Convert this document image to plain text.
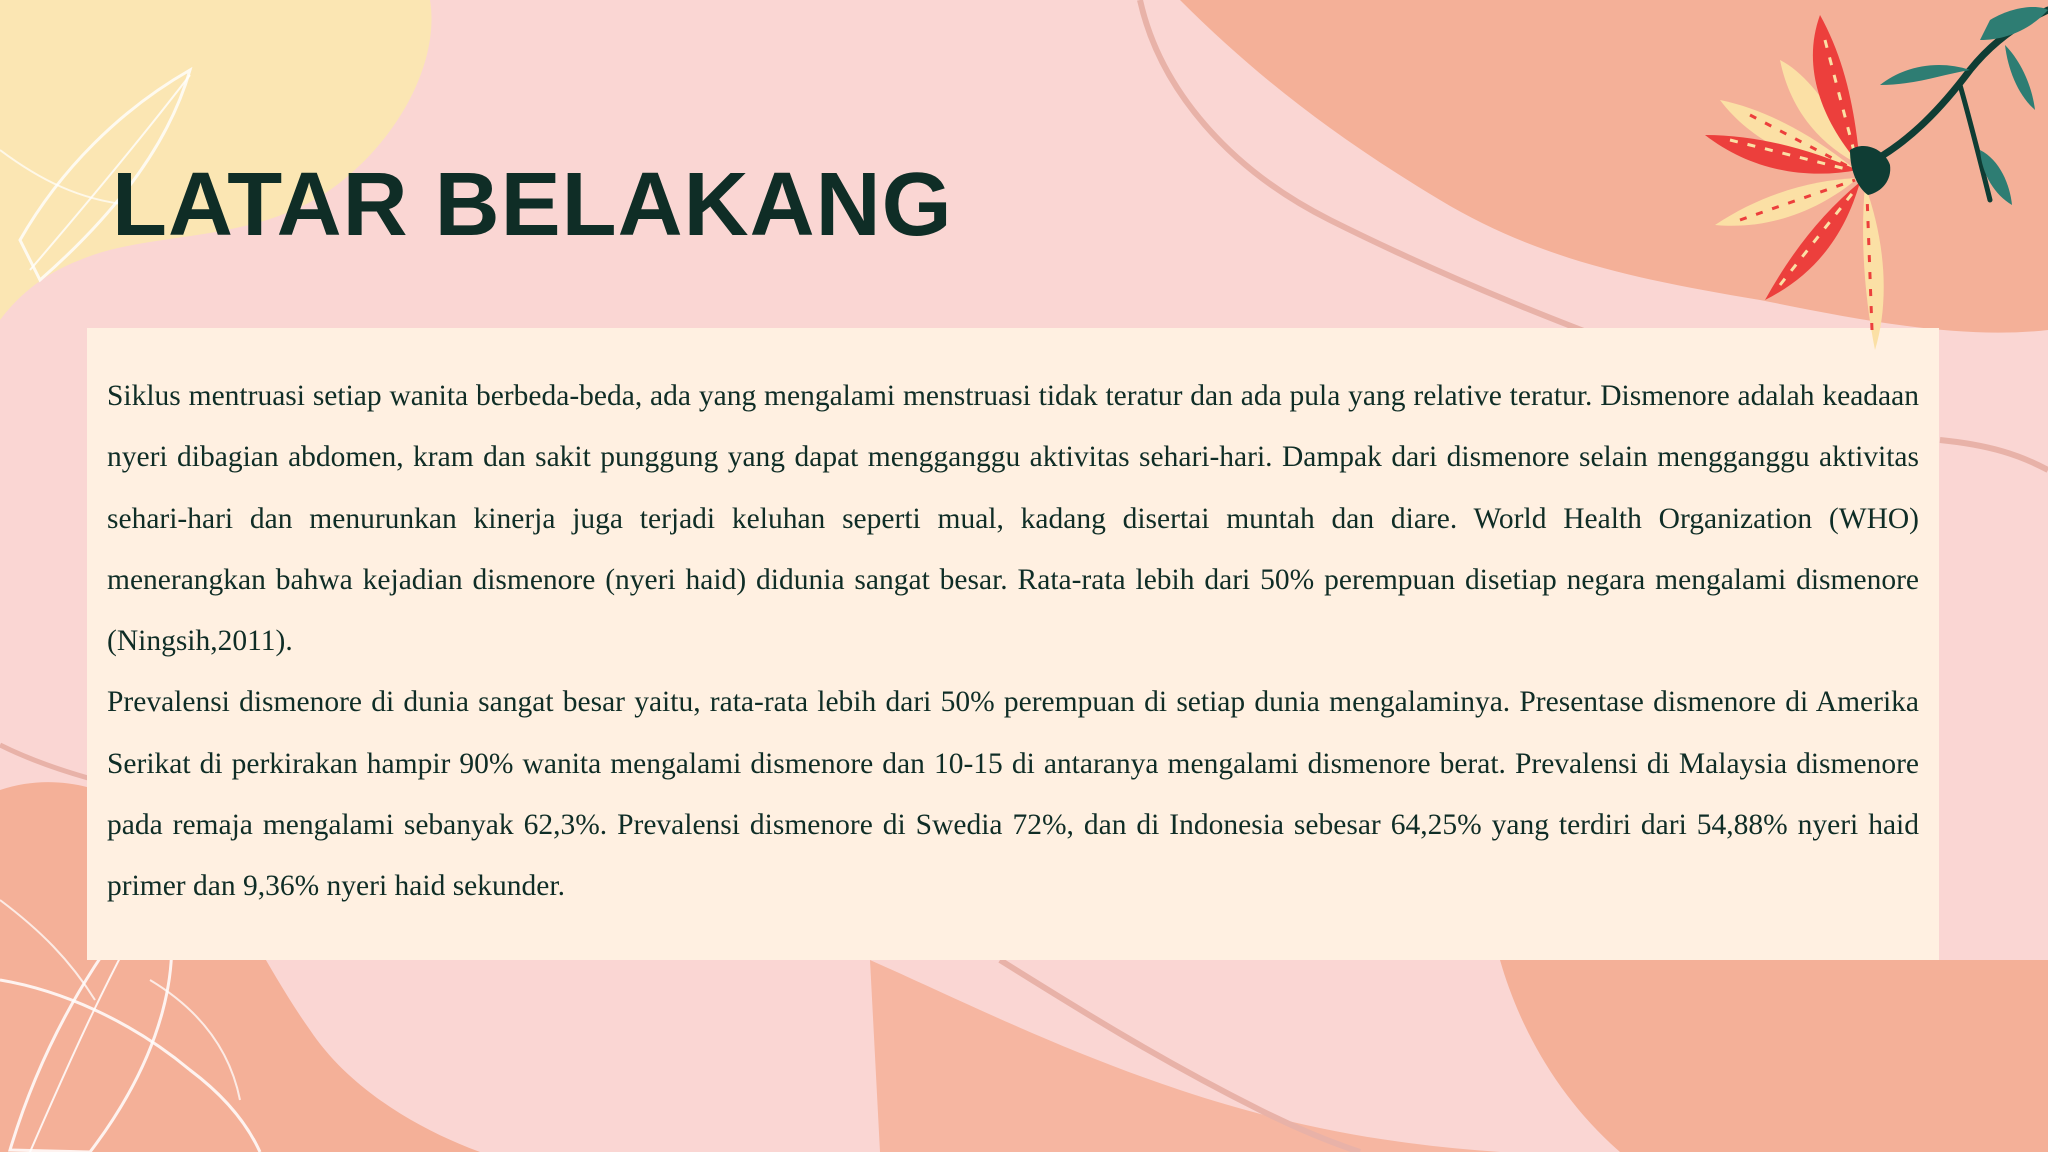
LATAR BELAKANG

Siklus mentruasi setiap wanita berbeda-beda, ada yang mengalami menstruasi tidak teratur dan ada pula yang relative teratur. Dismenore adalah keadaan nyeri dibagian abdomen, kram dan sakit punggung yang dapat mengganggu aktivitas sehari-hari. Dampak dari dismenore selain mengganggu aktivitas sehari-hari dan menurunkan kinerja juga terjadi keluhan seperti mual, kadang disertai muntah dan diare. World Health Organization (WHO) menerangkan bahwa kejadian dismenore (nyeri haid) didunia sangat besar. Rata-rata lebih dari 50% perempuan disetiap negara mengalami dismenore (Ningsih,2011).

Prevalensi dismenore di dunia sangat besar yaitu, rata-rata lebih dari 50% perempuan di setiap dunia mengalaminya. Presentase dismenore di Amerika Serikat di perkirakan hampir 90% wanita mengalami dismenore dan 10-15 di antaranya mengalami dismenore berat. Prevalensi di Malaysia dismenore pada remaja mengalami sebanyak 62,3%. Prevalensi dismenore di Swedia 72%, dan di Indonesia sebesar 64,25% yang terdiri dari 54,88% nyeri haid primer dan 9,36% nyeri haid sekunder.
